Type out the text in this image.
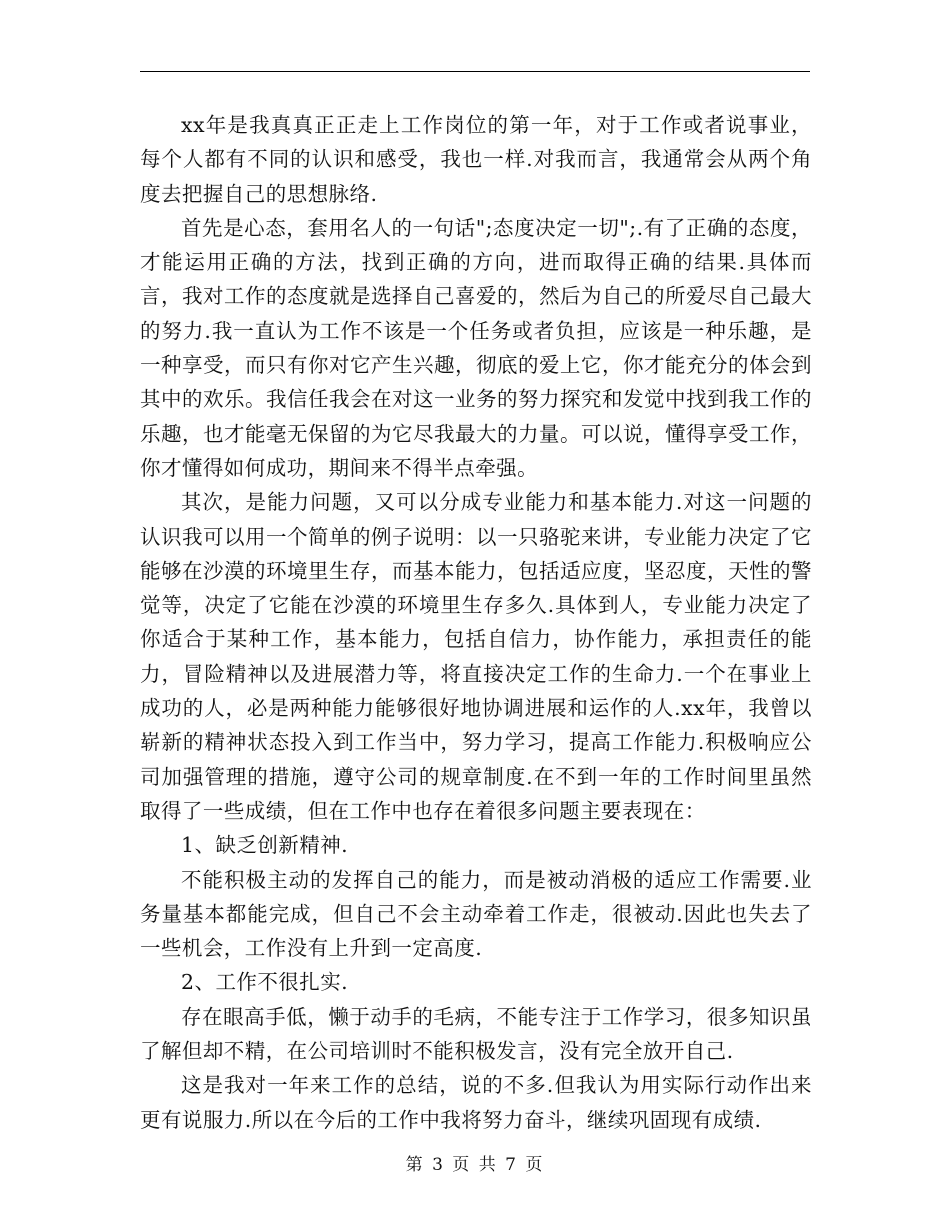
xx年是我真真正正走上工作岗位的第一年，对于工作或者说事业，每个人都有不同的认识和感受，我也一样.对我而言，我通常会从两个角度去把握自己的思想脉络.

首先是心态，套用名人的一句话";态度决定一切";.有了正确的态度，才能运用正确的方法，找到正确的方向，进而取得正确的结果.具体而言，我对工作的态度就是选择自己喜爱的，然后为自己的所爱尽自己最大的努力.我一直认为工作不该是一个任务或者负担，应该是一种乐趣，是一种享受，而只有你对它产生兴趣，彻底的爱上它，你才能充分的体会到其中的欢乐。我信任我会在对这一业务的努力探究和发觉中找到我工作的乐趣，也才能毫无保留的为它尽我最大的力量。可以说，懂得享受工作，你才懂得如何成功，期间来不得半点牵强。

其次，是能力问题，又可以分成专业能力和基本能力.对这一问题的认识我可以用一个简单的例子说明：以一只骆驼来讲，专业能力决定了它能够在沙漠的环境里生存，而基本能力，包括适应度，坚忍度，天性的警觉等，决定了它能在沙漠的环境里生存多久.具体到人，专业能力决定了你适合于某种工作，基本能力，包括自信力，协作能力，承担责任的能力，冒险精神以及进展潜力等，将直接决定工作的生命力.一个在事业上成功的人，必是两种能力能够很好地协调进展和运作的人.xx年，我曾以崭新的精神状态投入到工作当中，努力学习，提高工作能力.积极响应公司加强管理的措施，遵守公司的规章制度.在不到一年的工作时间里虽然取得了一些成绩，但在工作中也存在着很多问题主要表现在：

1、缺乏创新精神.

不能积极主动的发挥自己的能力，而是被动消极的适应工作需要.业务量基本都能完成，但自己不会主动牵着工作走，很被动.因此也失去了一些机会，工作没有上升到一定高度.

2、工作不很扎实.

存在眼高手低，懒于动手的毛病，不能专注于工作学习，很多知识虽了解但却不精，在公司培训时不能积极发言，没有完全放开自己.

这是我对一年来工作的总结，说的不多.但我认为用实际行动作出来更有说服力.所以在今后的工作中我将努力奋斗，继续巩固现有成绩.

第 3 页 共 7 页
